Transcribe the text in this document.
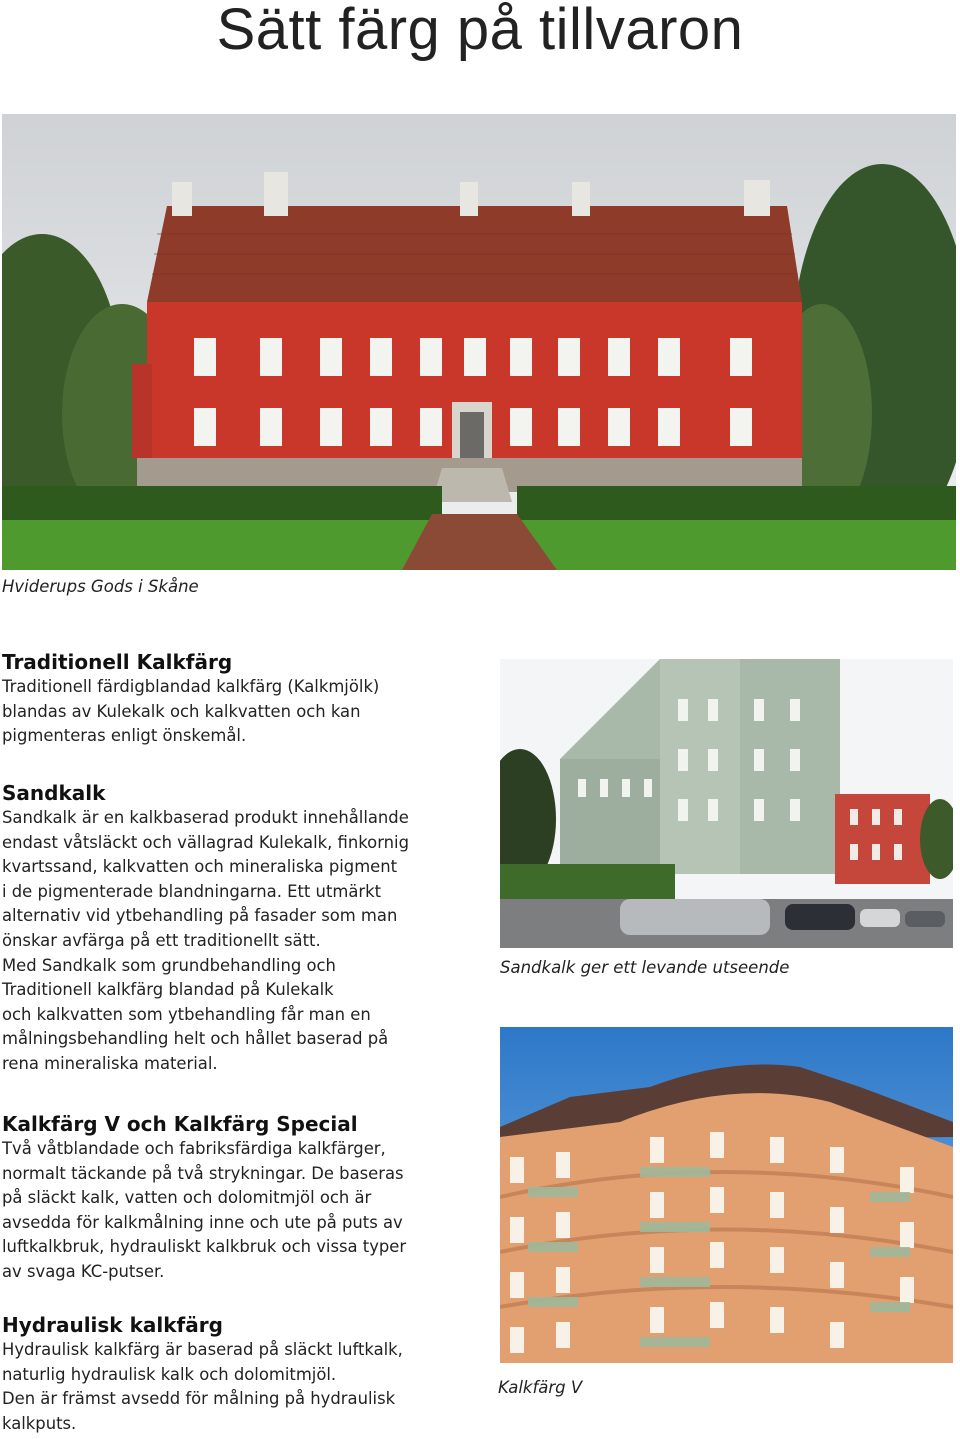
Sätt färg på tillvaron
Hviderups Gods i Skåne
Traditionell Kalkfärg

Traditionell färdigblandad kalkfärg (Kalkmjölk)
blandas av Kulekalk och kalkvatten och kan
pigmenteras enligt önskemål.

Sandkalk

Sandkalk är en kalkbaserad produkt innehållande
endast våtsläckt och vällagrad Kulekalk, finkornig
kvartssand, kalkvatten och mineraliska pigment
i de pigmenterade blandningarna. Ett utmärkt
alternativ vid ytbehandling på fasader som man
önskar avfärga på ett traditionellt sätt.
Med Sandkalk som grundbehandling och
Traditionell kalkfärg blandad på Kulekalk
och kalkvatten som ytbehandling får man en
målningsbehandling helt och hållet baserad på
rena mineraliska material.

Sandkalk ger ett levande utseende
Kalkfärg V och Kalkfärg Special

Två våtblandade och fabriksfärdiga kalkfärger,
normalt täckande på två strykningar. De baseras
på släckt kalk, vatten och dolomitmjöl och är
avsedda för kalkmålning inne och ute på puts av
luftkalkbruk, hydrauliskt kalkbruk och vissa typer
av svaga KC-putser.

Kalkfärg V
Hydraulisk kalkfärg

Hydraulisk kalkfärg är baserad på släckt luftkalk,
naturlig hydraulisk kalk och dolomitmjöl.
Den är främst avsedd för målning på hydraulisk
kalkputs.
